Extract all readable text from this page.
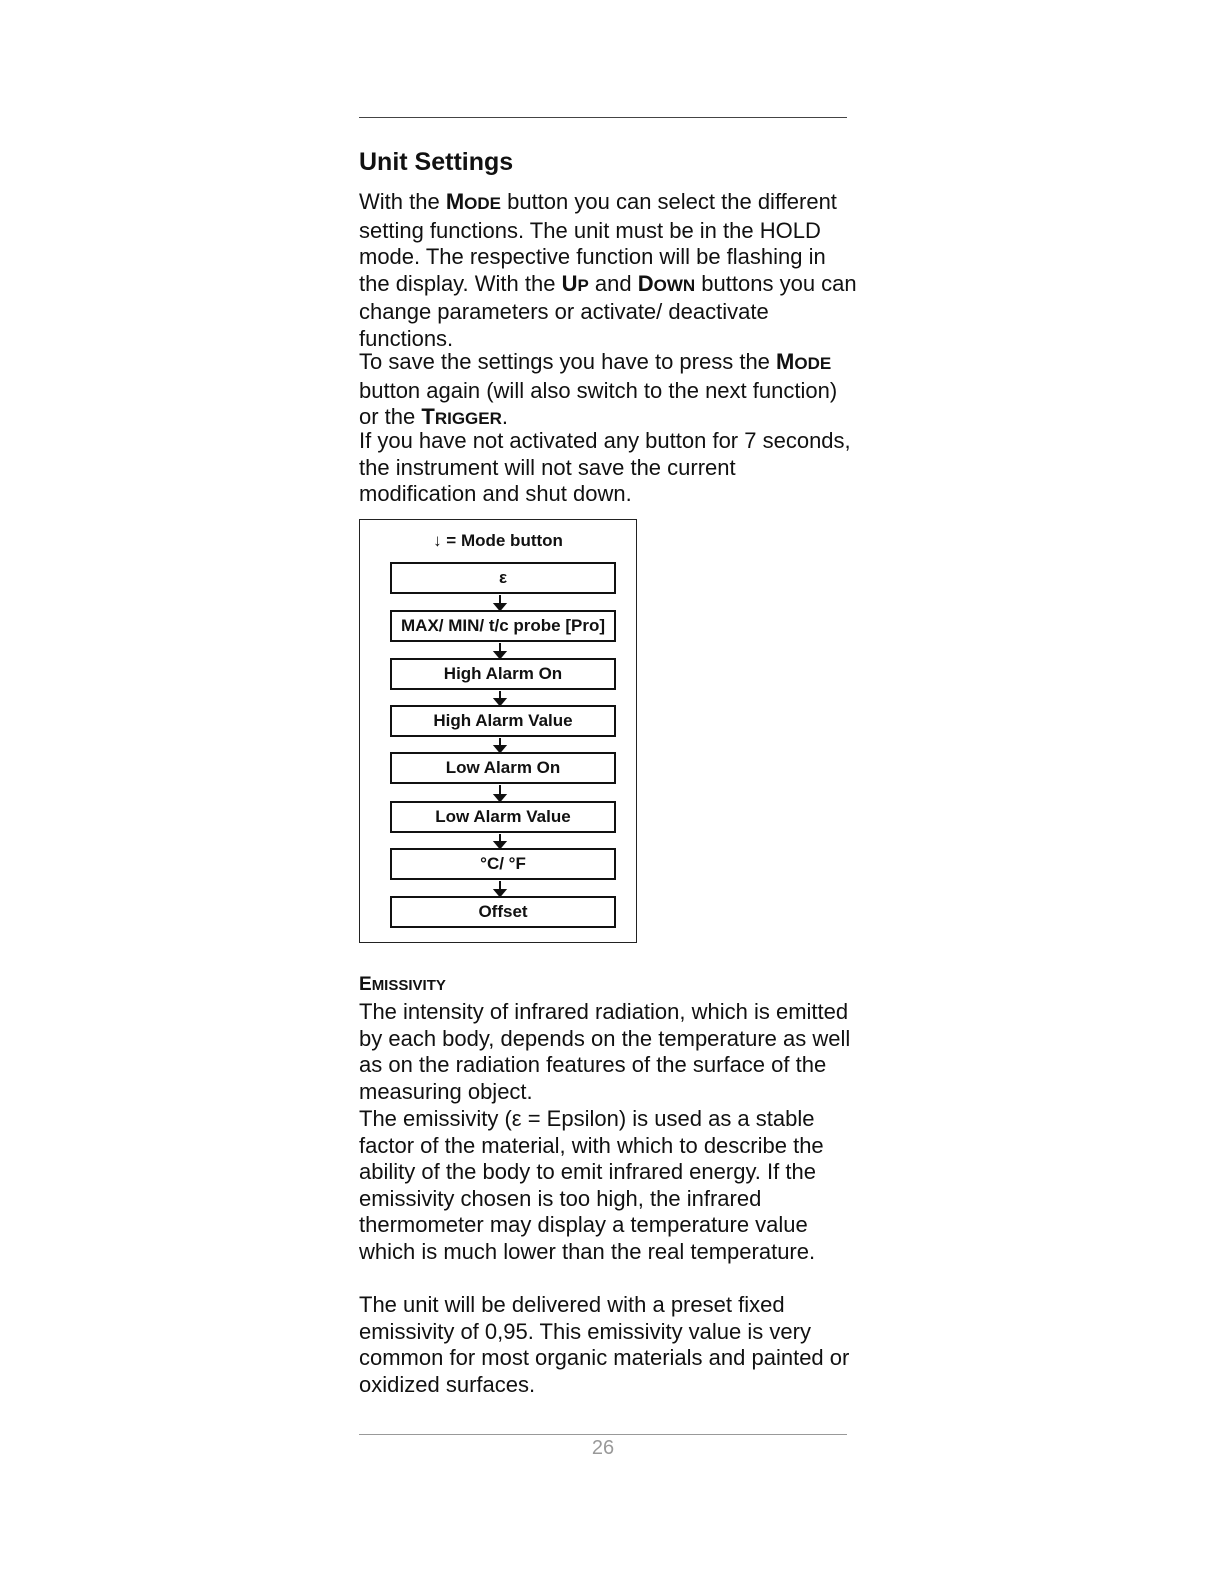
Unit Settings

With the MODE button you can select the different setting functions. The unit must be in the HOLD mode. The respective function will be flashing in the display. With the UP and DOWN buttons you can change parameters or activate/ deactivate functions.

To save the settings you have to press the MODE button again (will also switch to the next function) or the TRIGGER.

If you have not activated any button for 7 seconds, the instrument will not save the current modification and shut down.

↓ = Mode button
ε
MAX/ MIN/ t/c probe [Pro]
High Alarm On
High Alarm Value
Low Alarm On
Low Alarm Value
°C/ °F
Offset

EMISSIVITY

The intensity of infrared radiation, which is emitted by each body, depends on the temperature as well as on the radiation features of the surface of the measuring object.

The emissivity (ε = Epsilon) is used as a stable factor of the material, with which to describe the ability of the body to emit infrared energy. If the emissivity chosen is too high, the infrared thermometer may display a temperature value which is much lower than the real temperature.

The unit will be delivered with a preset fixed emissivity of 0,95. This emissivity value is very common for most organic materials and painted or oxidized surfaces.

26
